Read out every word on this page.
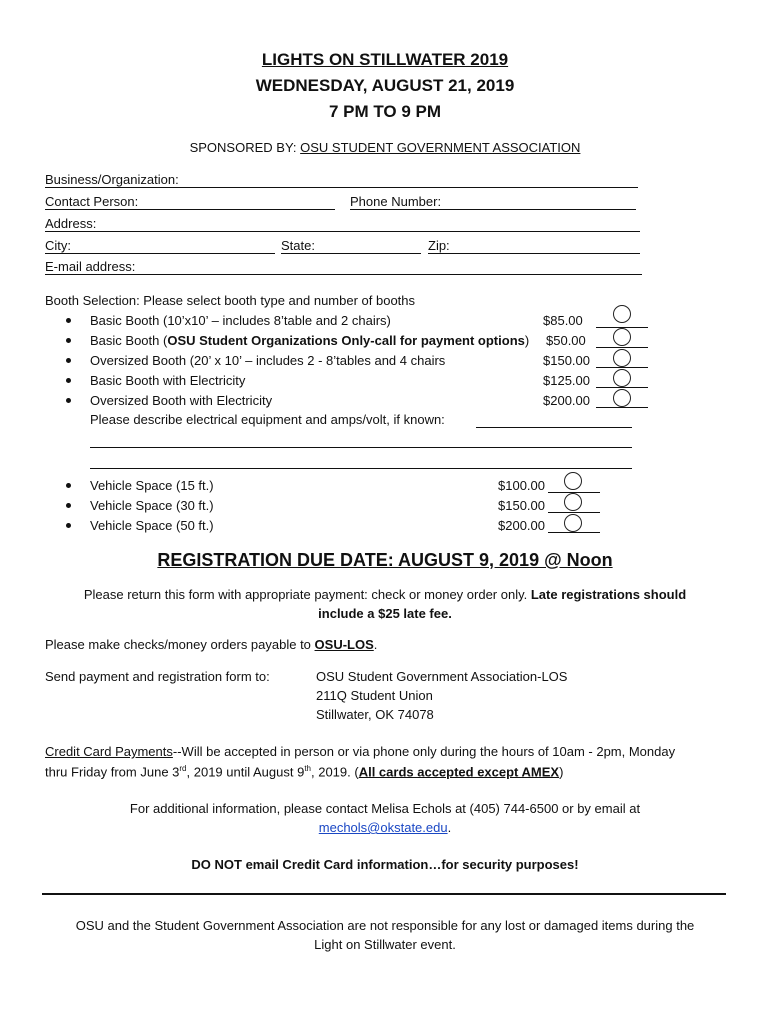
LIGHTS ON STILLWATER 2019
WEDNESDAY, AUGUST 21, 2019
7 PM TO 9 PM
SPONSORED BY: OSU STUDENT GOVERNMENT ASSOCIATION
Business/Organization:
Contact Person:	Phone Number:
Address:
City:	State:	Zip:
E-mail address:
Booth Selection: Please select booth type and number of booths
Basic Booth (10’x10’ – includes 8’table and 2 chairs)	$85.00
Basic Booth (OSU Student Organizations Only-call for payment options) $50.00
Oversized Booth (20’ x 10’ – includes 2 - 8’tables and 4 chairs	$150.00
Basic Booth with Electricity	$125.00
Oversized Booth with Electricity	$200.00
Please describe electrical equipment and amps/volt, if known:
Vehicle Space (15 ft.)	$100.00
Vehicle Space (30 ft.)	$150.00
Vehicle Space (50 ft.)	$200.00
REGISTRATION DUE DATE: AUGUST 9, 2019 @ Noon
Please return this form with appropriate payment: check or money order only. Late registrations should
include a $25 late fee.
Please make checks/money orders payable to OSU-LOS.
Send payment and registration form to:	OSU Student Government Association-LOS
211Q Student Union
Stillwater, OK 74078
Credit Card Payments--Will be accepted in person or via phone only during the hours of 10am - 2pm, Monday
thru Friday from June 3rd, 2019 until August 9th, 2019. (All cards accepted except AMEX)
For additional information, please contact Melisa Echols at (405) 744-6500 or by email at
mechols@okstate.edu.
DO NOT email Credit Card information…for security purposes!
OSU and the Student Government Association are not responsible for any lost or damaged items during the
Light on Stillwater event.
